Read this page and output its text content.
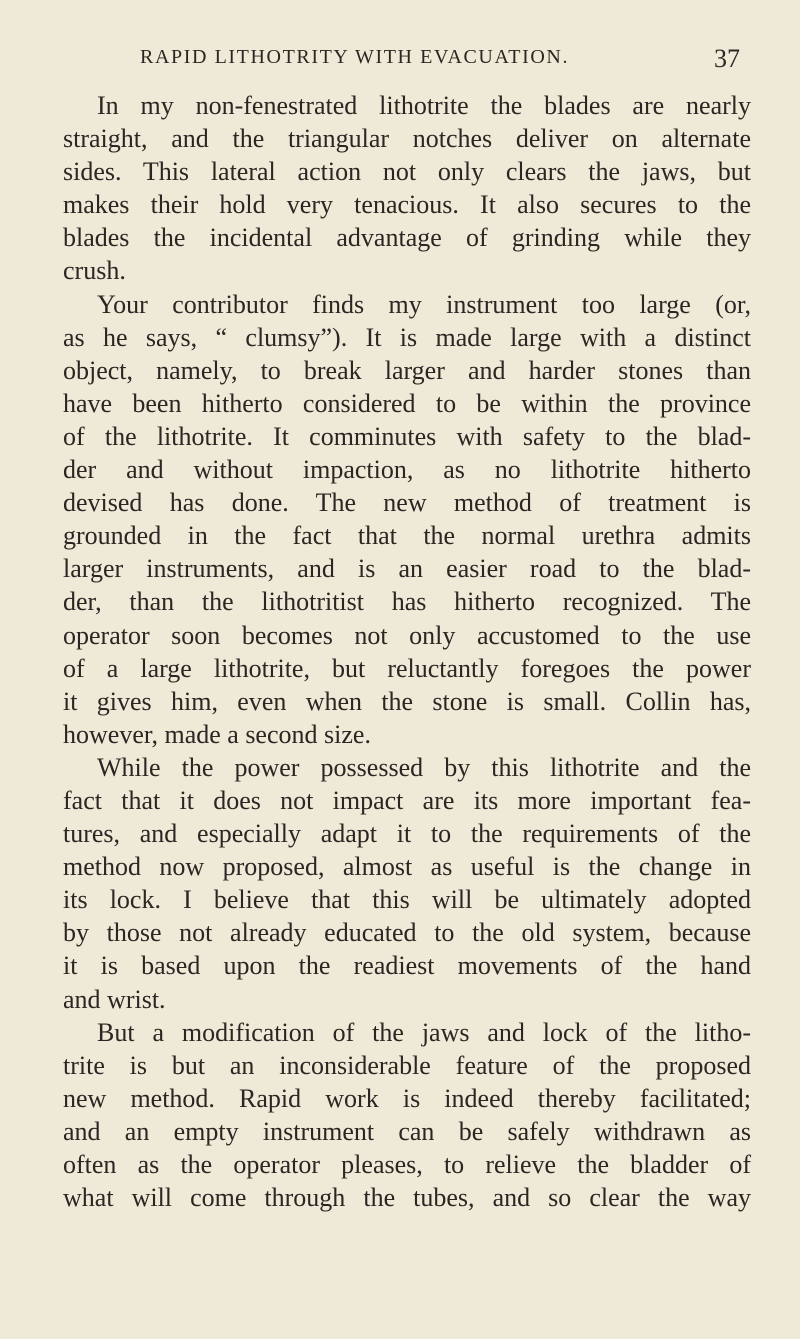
RAPID LITHOTRITY WITH EVACUATION.	37
In my non-fenestrated lithotrite the blades are nearly
straight, and the triangular notches deliver on alternate
sides. This lateral action not only clears the jaws, but
makes their hold very tenacious. It also secures to the
blades the incidental advantage of grinding while they
crush.
Your contributor finds my instrument too large (or,
as he says, “ clumsy”). It is made large with a distinct
object, namely, to break larger and harder stones than
have been hitherto considered to be within the province
of the lithotrite. It comminutes with safety to the blad-
der and without impaction, as no lithotrite hitherto
devised has done. The new method of treatment is
grounded in the fact that the normal urethra admits
larger instruments, and is an easier road to the blad-
der, than the lithotritist has hitherto recognized. The
operator soon becomes not only accustomed to the use
of a large lithotrite, but reluctantly foregoes the power
it gives him, even when the stone is small. Collin has,
however, made a second size.
While the power possessed by this lithotrite and the
fact that it does not impact are its more important fea-
tures, and especially adapt it to the requirements of the
method now proposed, almost as useful is the change in
its lock. I believe that this will be ultimately adopted
by those not already educated to the old system, because
it is based upon the readiest movements of the hand
and wrist.
But a modification of the jaws and lock of the litho-
trite is but an inconsiderable feature of the proposed
new method. Rapid work is indeed thereby facilitated;
and an empty instrument can be safely withdrawn as
often as the operator pleases, to relieve the bladder of
what will come through the tubes, and so clear the way
